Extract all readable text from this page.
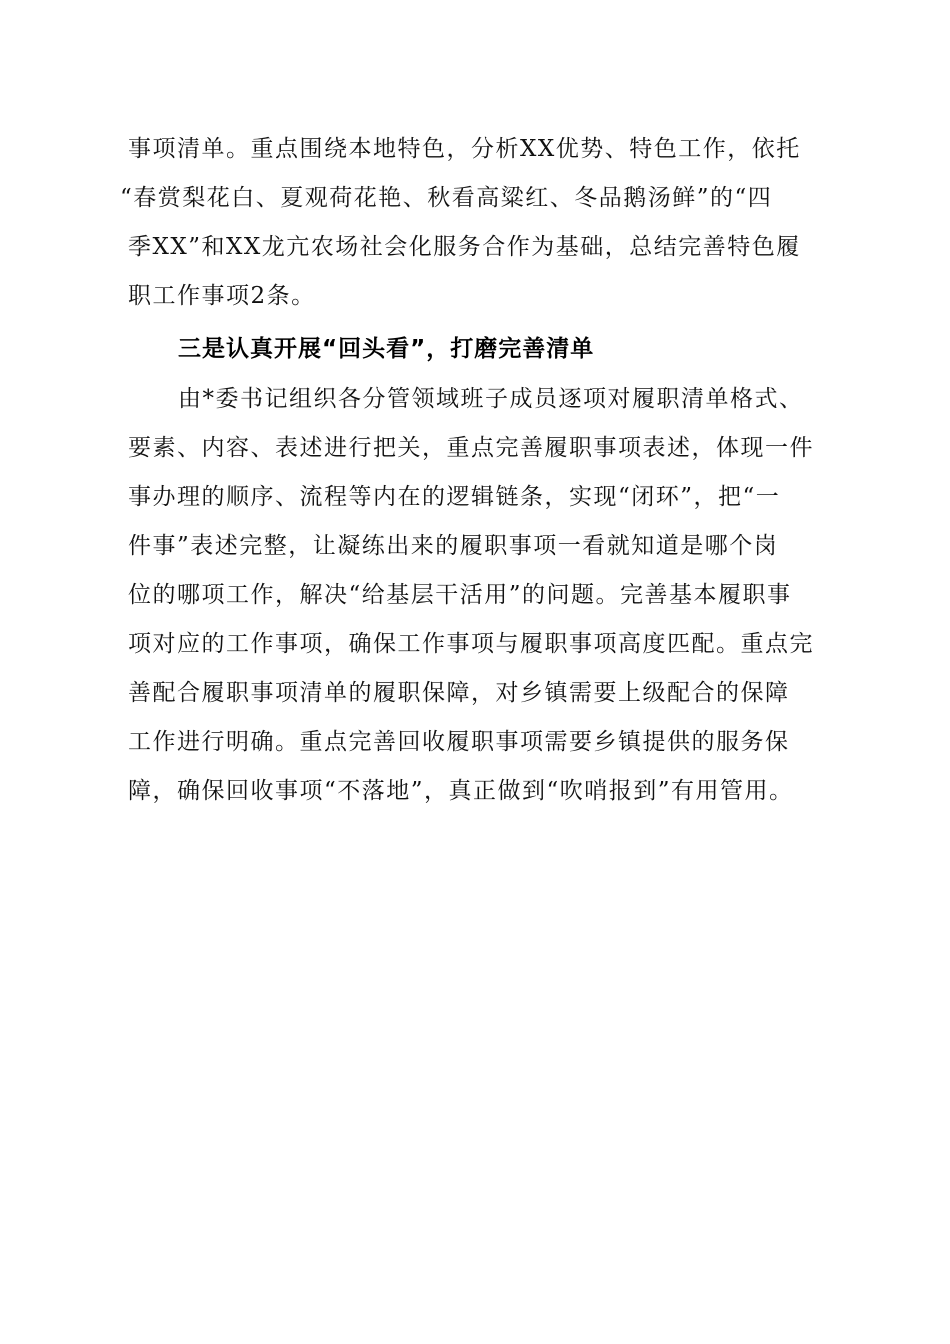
事项清单。重点围绕本地特色，分析XX优势、特色工作，依托
“春赏梨花白、夏观荷花艳、秋看高粱红、冬品鹅汤鲜”的“四
季XX”和XX龙亢农场社会化服务合作为基础，总结完善特色履
职工作事项2条。
三是认真开展“回头看”，打磨完善清单
由*委书记组织各分管领域班子成员逐项对履职清单格式、
要素、内容、表述进行把关，重点完善履职事项表述，体现一件
事办理的顺序、流程等内在的逻辑链条，实现“闭环”，把“一
件事”表述完整，让凝练出来的履职事项一看就知道是哪个岗
位的哪项工作，解决“给基层干活用”的问题。完善基本履职事
项对应的工作事项，确保工作事项与履职事项高度匹配。重点完
善配合履职事项清单的履职保障，对乡镇需要上级配合的保障
工作进行明确。重点完善回收履职事项需要乡镇提供的服务保
障，确保回收事项“不落地”，真正做到“吹哨报到”有用管用。
